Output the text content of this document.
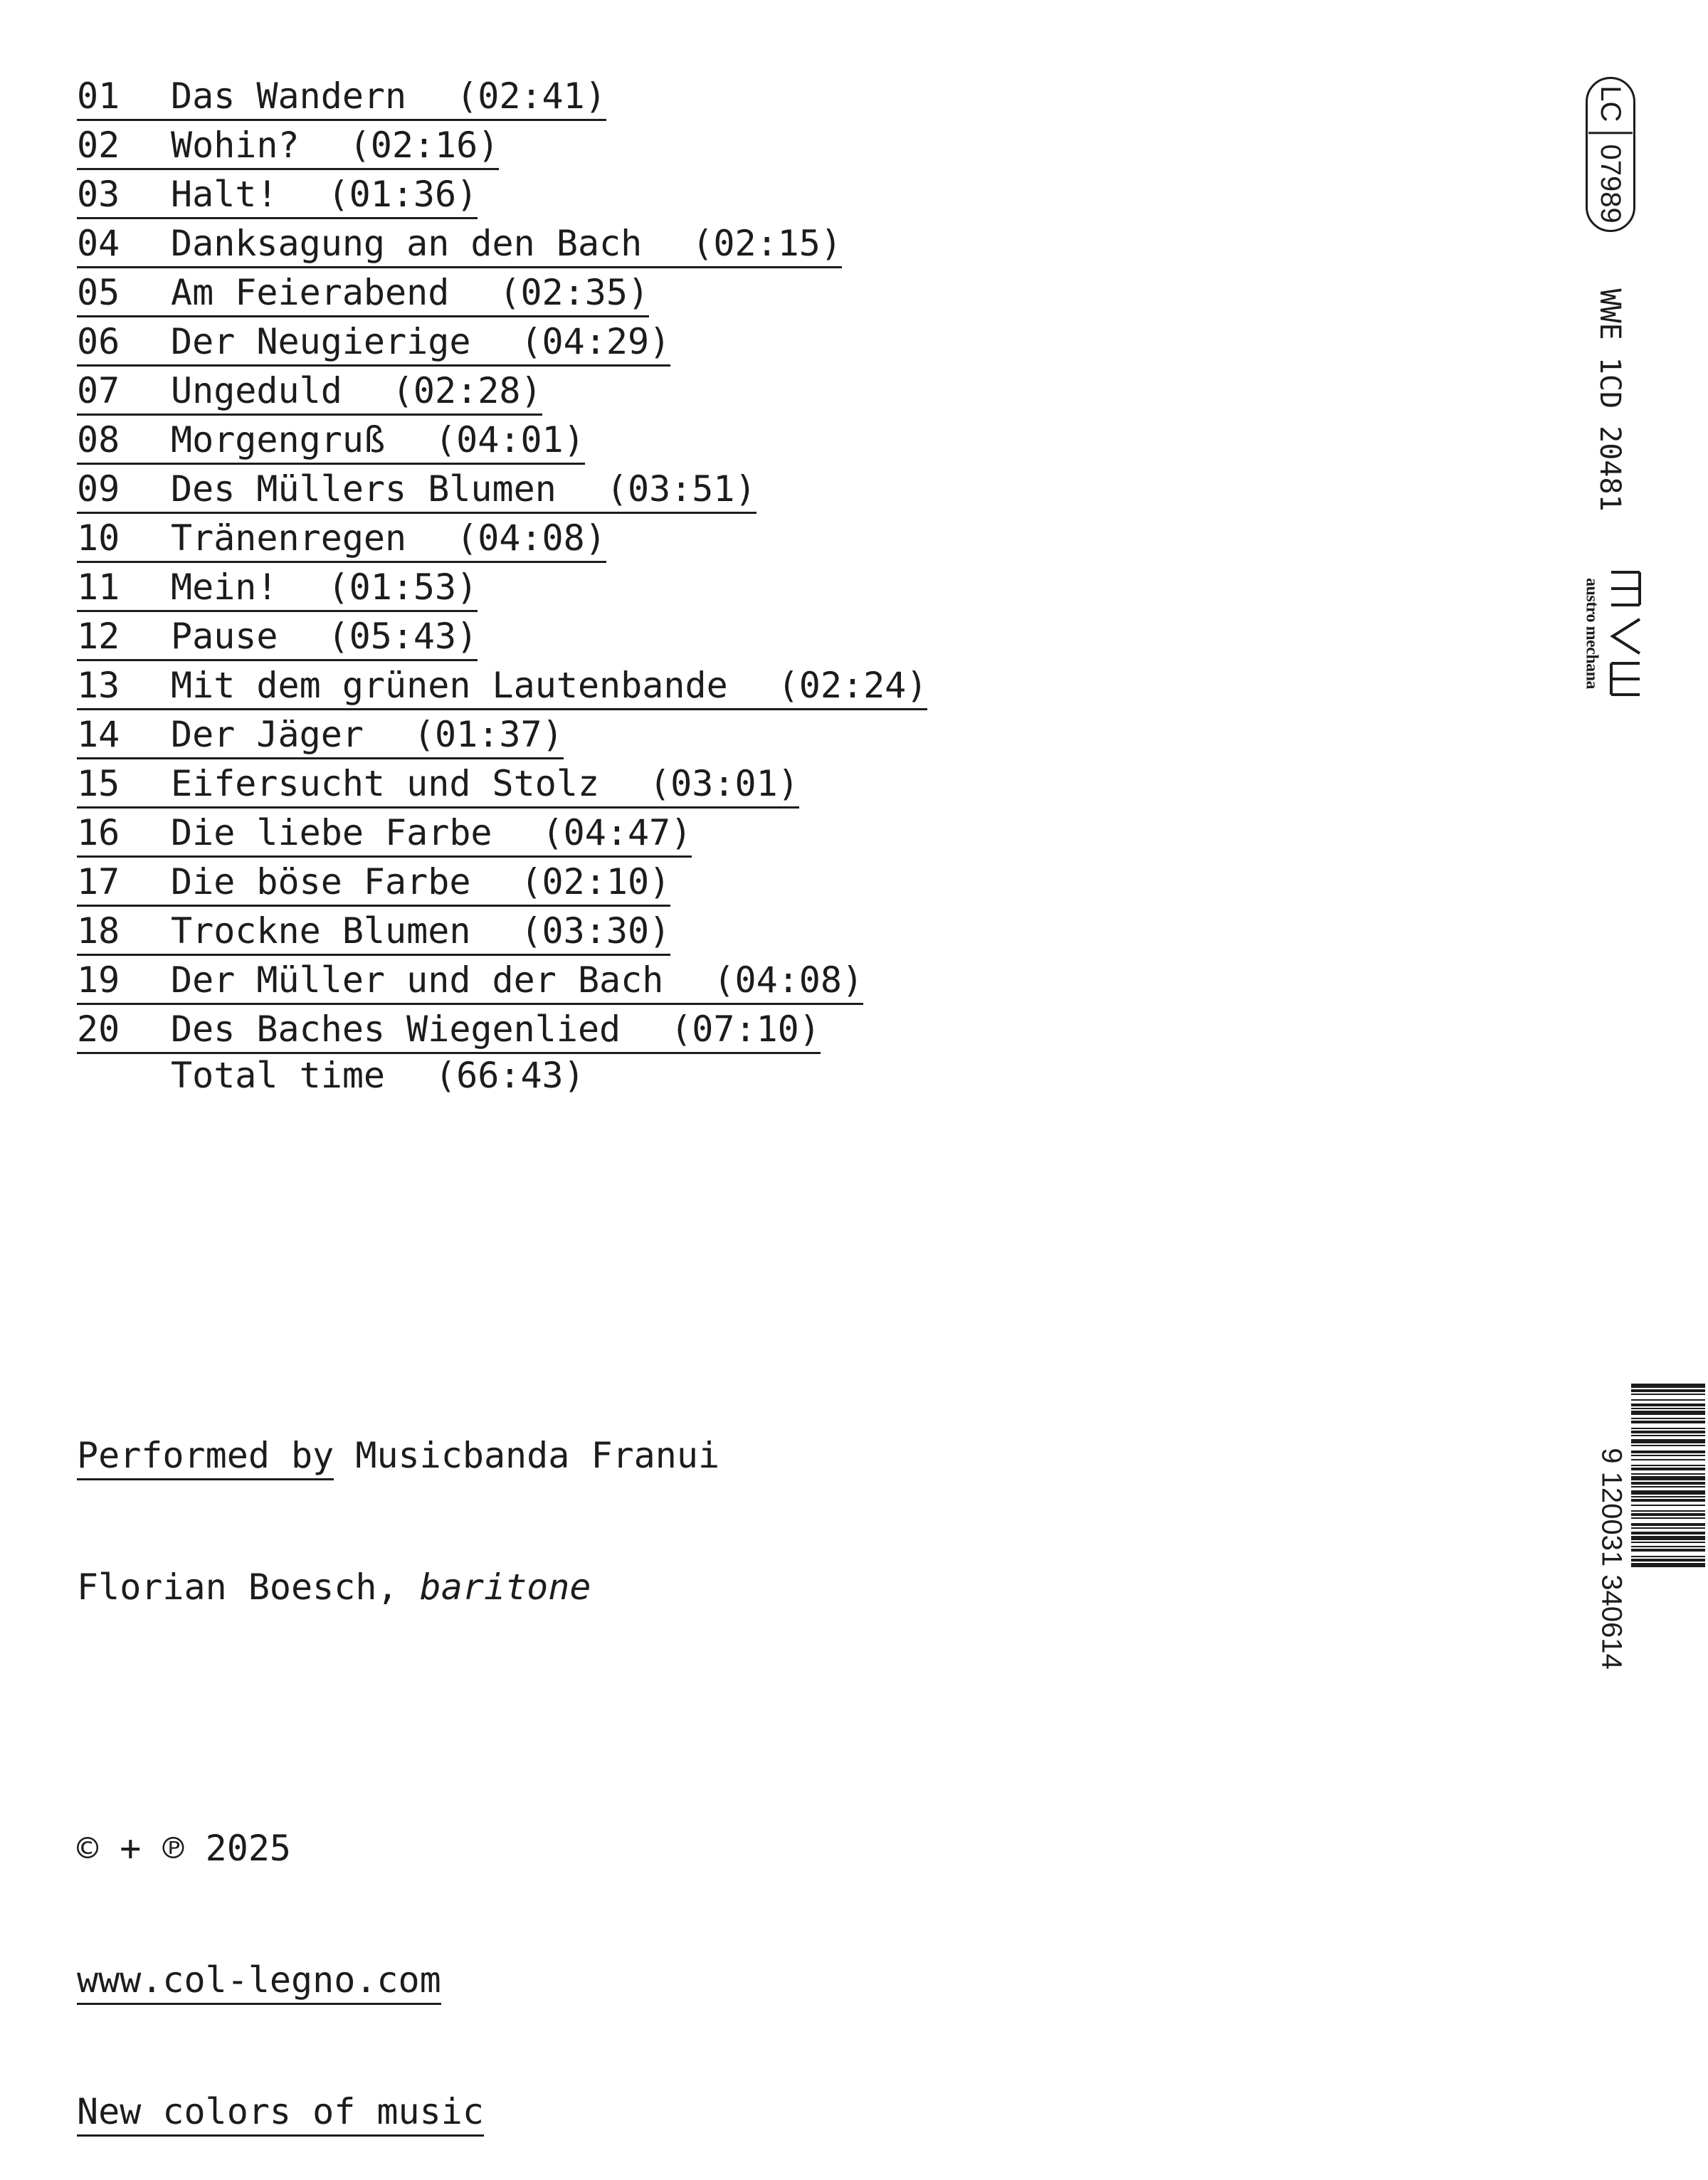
01 Das Wandern (02:41)
02 Wohin? (02:16)
03 Halt! (01:36)
04 Danksagung an den Bach (02:15)
05 Am Feierabend (02:35)
06 Der Neugierige (04:29)
07 Ungeduld (02:28)
08 Morgengruß (04:01)
09 Des Müllers Blumen (03:51)
10 Tränenregen (04:08)
11 Mein! (01:53)
12 Pause (05:43)
13 Mit dem grünen Lautenbande (02:24)
14 Der Jäger (01:37)
15 Eifersucht und Stolz (03:01)
16 Die liebe Farbe (04:47)
17 Die böse Farbe (02:10)
18 Trockne Blumen (03:30)
19 Der Müller und der Bach (04:08)
20 Des Baches Wiegenlied (07:10)
Total time (66:43)

Performed by Musicbanda Franui

Florian Boesch, baritone

© + ℗ 2025

www.col-legno.com

New colors of music

LC
07989
WWE 1CD 20481
austro mechana
9 120031 340614
